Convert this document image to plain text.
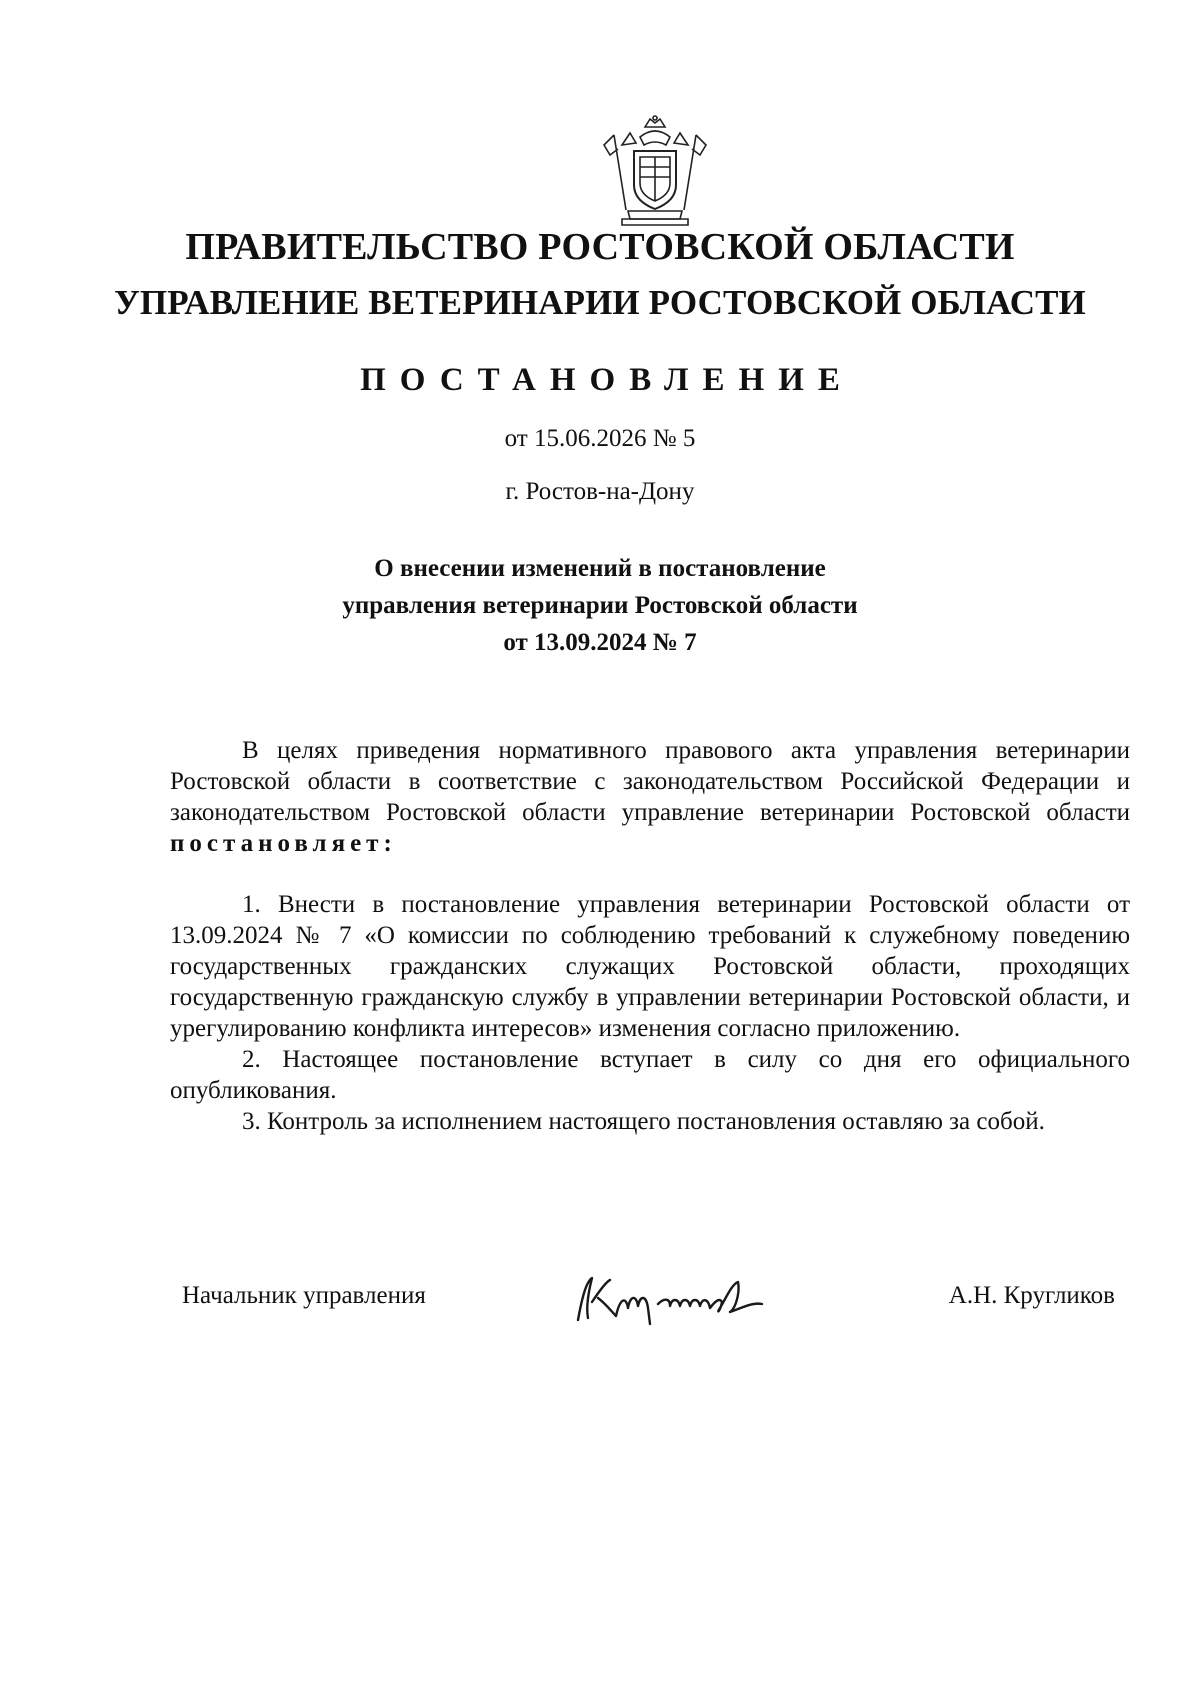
ПРАВИТЕЛЬСТВО РОСТОВСКОЙ ОБЛАСТИ
УПРАВЛЕНИЕ ВЕТЕРИНАРИИ РОСТОВСКОЙ ОБЛАСТИ
ПОСТАНОВЛЕНИЕ
от 15.06.2026 № 5
г. Ростов-на-Дону
О внесении изменений в постановление
управления ветеринарии Ростовской области
от 13.09.2024 № 7

В целях приведения нормативного правового акта управления ветеринарии Ростовской области в соответствие с законодательством Российской Федерации и законодательством Ростовской области управление ветеринарии Ростовской области постановляет:

1. Внести в постановление управления ветеринарии Ростовской области от 13.09.2024 № 7 «О комиссии по соблюдению требований к служебному поведению государственных гражданских служащих Ростовской области, проходящих государственную гражданскую службу в управлении ветеринарии Ростовской области, и урегулированию конфликта интересов» изменения согласно приложению.

2. Настоящее постановление вступает в силу со дня его официального опубликования.

3. Контроль за исполнением настоящего постановления оставляю за собой.

Начальник управления	А.Н. Кругликов
